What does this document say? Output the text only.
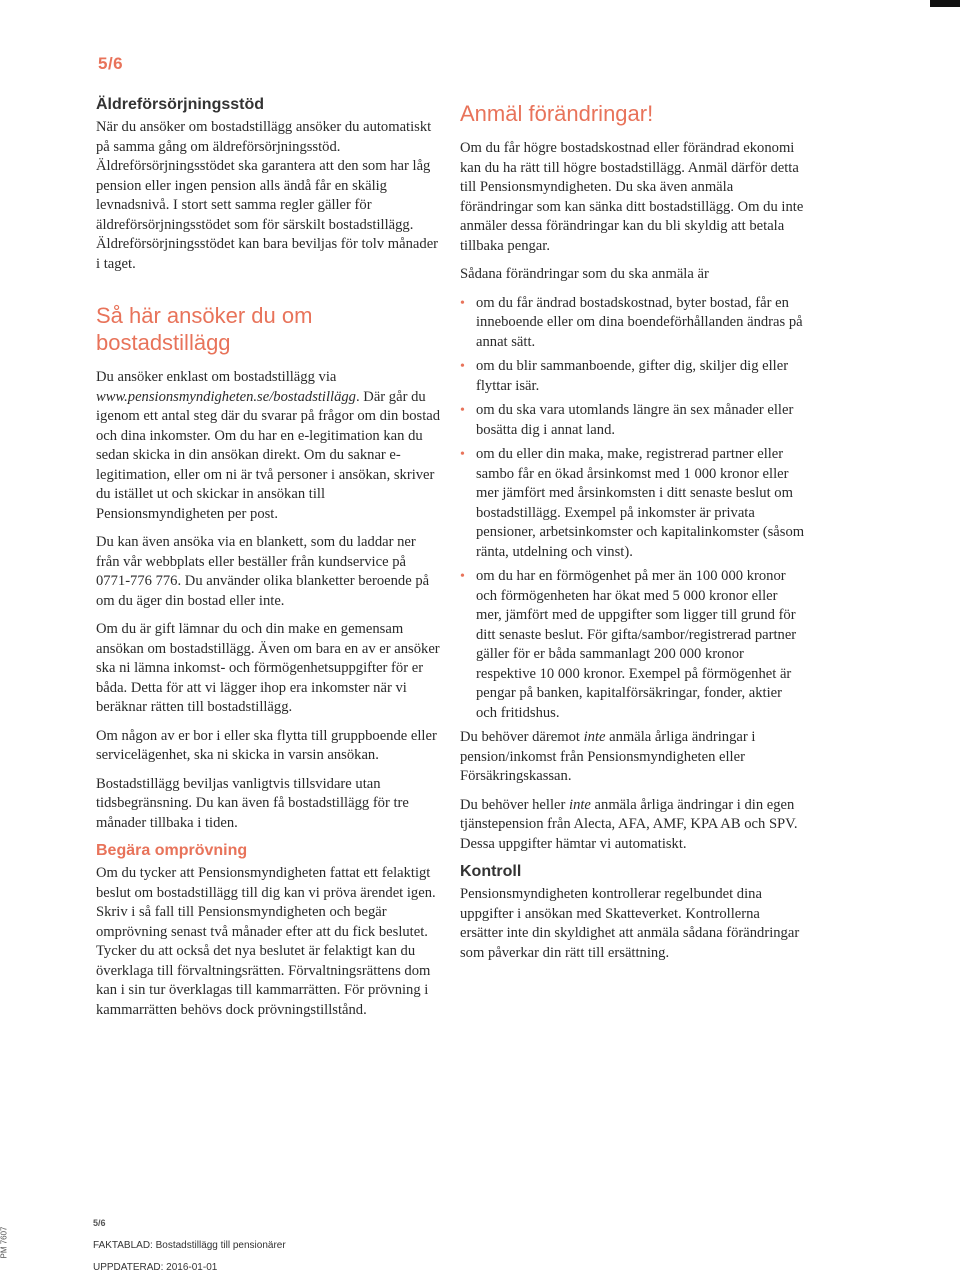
5/6
Äldreförsörjningsstöd

När du ansöker om bostadstillägg ansöker du automatiskt på samma gång om äldreförsörjningsstöd. Äldreförsörjningsstödet ska garantera att den som har låg pension eller ingen pension alls ändå får en skälig levnadsnivå. I stort sett samma regler gäller för äldreförsörjningsstödet som för särskilt bostadstillägg. Äldreförsörjningsstödet kan bara beviljas för tolv månader i taget.

Så här ansöker du om bostadstillägg

Du ansöker enklast om bostadstillägg via www.pensionsmyndigheten.se/bostadstillägg. Där går du igenom ett antal steg där du svarar på frågor om din bostad och dina inkomster. Om du har en e-legitimation kan du sedan skicka in din ansökan direkt. Om du saknar e-legitimation, eller om ni är två personer i ansökan, skriver du istället ut och skickar in ansökan till Pensionsmyndigheten per post.

Du kan även ansöka via en blankett, som du laddar ner från vår webbplats eller beställer från kundservice på 0771-776 776. Du använder olika blanketter beroende på om du äger din bostad eller inte.

Om du är gift lämnar du och din make en gemensam ansökan om bostadstillägg. Även om bara en av er ansöker ska ni lämna inkomst- och förmögenhetsuppgifter för er båda. Detta för att vi lägger ihop era inkomster när vi beräknar rätten till bostadstillägg.

Om någon av er bor i eller ska flytta till gruppboende eller servicelägenhet, ska ni skicka in varsin ansökan.

Bostadstillägg beviljas vanligtvis tillsvidare utan tidsbegränsning. Du kan även få bostadstillägg för tre månader tillbaka i tiden.

Begära omprövning

Om du tycker att Pensionsmyndigheten fattat ett felaktigt beslut om bostadstillägg till dig kan vi pröva ärendet igen. Skriv i så fall till Pensionsmyndigheten och begär omprövning senast två månader efter att du fick beslutet. Tycker du att också det nya beslutet är felaktigt kan du överklaga till förvaltningsrätten. Förvaltningsrättens dom kan i sin tur överklagas till kammarrätten. För prövning i kammarrätten behövs dock prövningstillstånd.

Anmäl förändringar!

Om du får högre bostadskostnad eller förändrad ekonomi kan du ha rätt till högre bostadstillägg. Anmäl därför detta till Pensionsmyndigheten. Du ska även anmäla förändringar som kan sänka ditt bostadstillägg. Om du inte anmäler dessa förändringar kan du bli skyldig att betala tillbaka pengar.

Sådana förändringar som du ska anmäla är

• om du får ändrad bostadskostnad, byter bostad, får en inneboende eller om dina boendeförhållanden ändras på annat sätt.
• om du blir sammanboende, gifter dig, skiljer dig eller flyttar isär.
• om du ska vara utomlands längre än sex månader eller bosätta dig i annat land.
• om du eller din maka, make, registrerad partner eller sambo får en ökad årsinkomst med 1 000 kronor eller mer jämfört med årsinkomsten i ditt senaste beslut om bostadstillägg. Exempel på inkomster är privata pensioner, arbetsinkomster och kapitalinkomster (såsom ränta, utdelning och vinst).
• om du har en förmögenhet på mer än 100 000 kronor och förmögenheten har ökat med 5 000 kronor eller mer, jämfört med de uppgifter som ligger till grund för ditt senaste beslut. För gifta/sambor/registrerad partner gäller för er båda sammanlagt 200 000 kronor respektive 10 000 kronor. Exempel på förmögenhet är pengar på banken, kapitalförsäkringar, fonder, aktier och fritidshus.

Du behöver däremot inte anmäla årliga ändringar i pension/inkomst från Pensionsmyndigheten eller Försäkringskassan.

Du behöver heller inte anmäla årliga ändringar i din egen tjänstepension från Alecta, AFA, AMF, KPA AB och SPV. Dessa uppgifter hämtar vi automatiskt.

Kontroll

Pensionsmyndigheten kontrollerar regelbundet dina uppgifter i ansökan med Skatteverket. Kontrollerna ersätter inte din skyldighet att anmäla sådana förändringar som påverkar din rätt till ersättning.

5/6
FAKTABLAD: Bostadstillägg till pensionärer
UPPDATERAD: 2016-01-01
PM 7607
